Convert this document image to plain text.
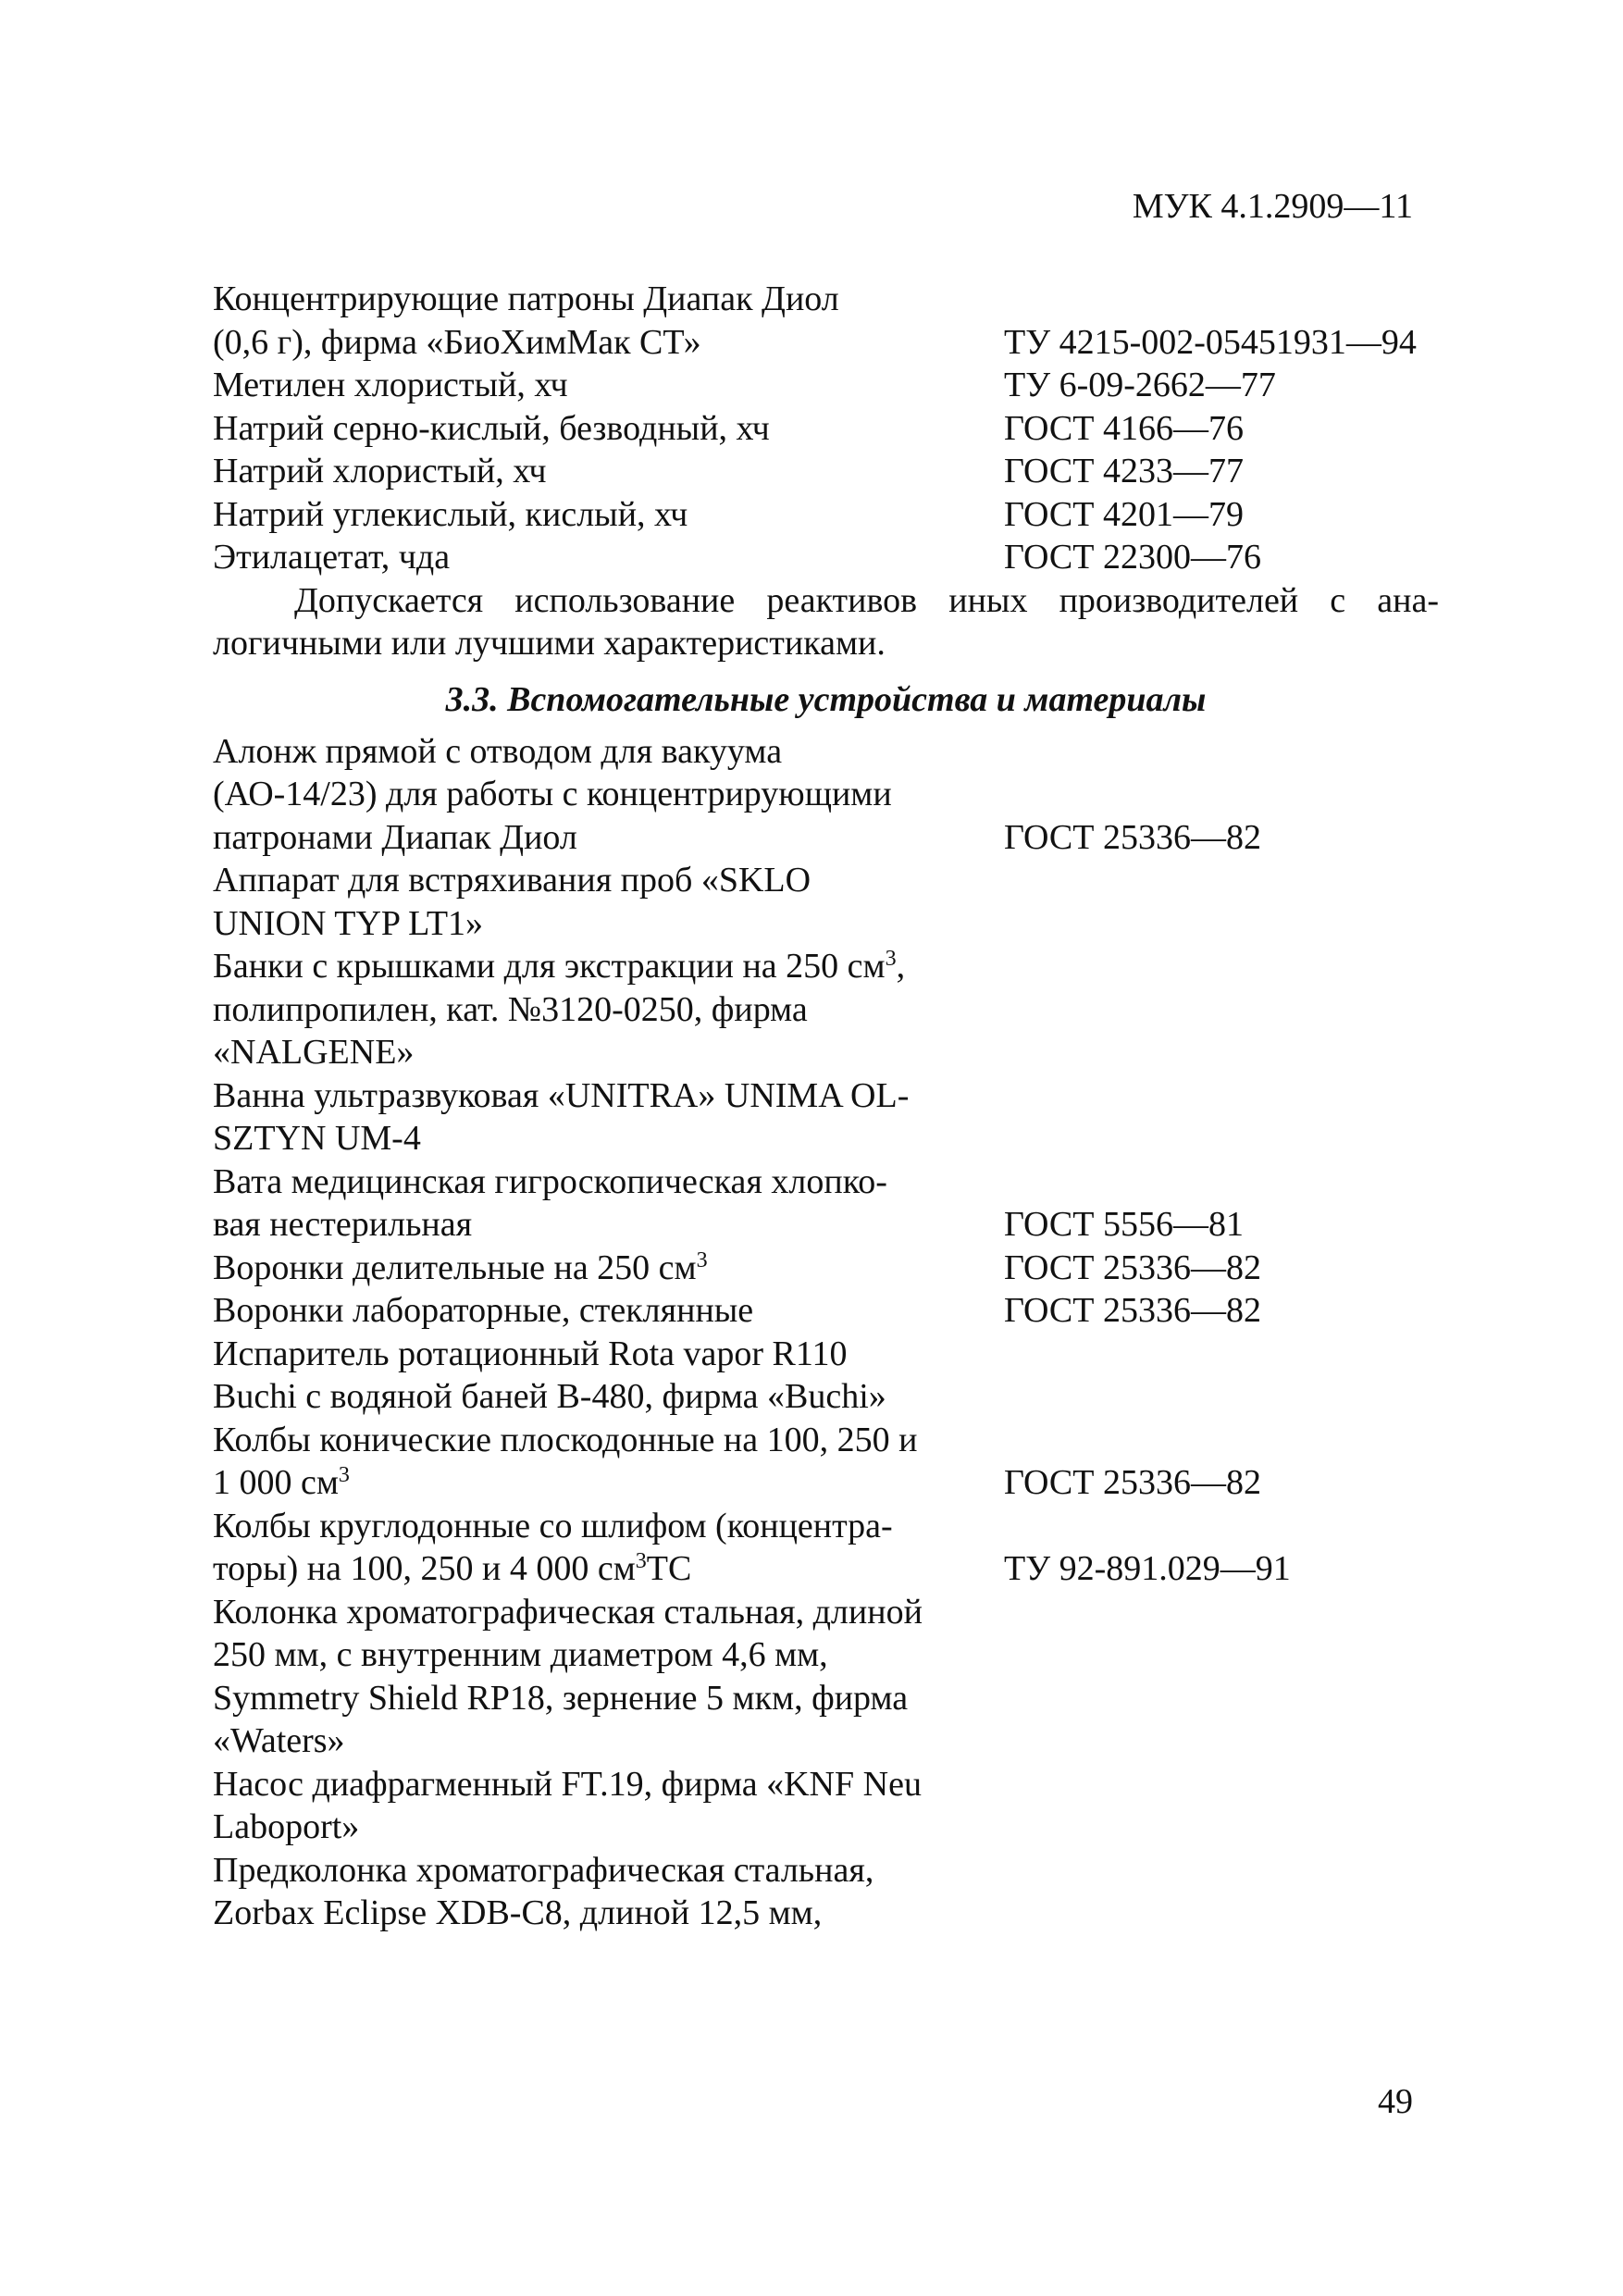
МУК 4.1.2909—11
Концентрирующие патроны Диапак Диол
(0,6 г), фирма «БиоХимМак СТ»	ТУ 4215-002-05451931—94
Метилен хлористый, хч	ТУ 6-09-2662—77
Натрий серно-кислый, безводный, хч	ГОСТ 4166—76
Натрий хлористый, хч	ГОСТ 4233—77
Натрий углекислый, кислый, хч	ГОСТ 4201—79
Этилацетат, чда	ГОСТ 22300—76
Допускается использование реактивов иных производителей с ана-
логичными или лучшими характеристиками.
3.3. Вспомогательные устройства и материалы
Алонж прямой с отводом для вакуума
(АО-14/23) для работы с концентрирующими
патронами Диапак Диол	ГОСТ 25336—82
Аппарат для встряхивания проб «SKLO
UNION TYP LT1»
Банки с крышками для экстракции на 250 $см^3$,
полипропилен, кат. №3120-0250, фирма
«NALGENE»
Ванна ультразвуковая «UNITRA» UNIMA OL-
SZTYN UM-4
Вата медицинская гигроскопическая хлопко-
вая нестерильная	ГОСТ 5556—81
Воронки делительные на 250 $см^3$	ГОСТ 25336—82
Воронки лабораторные, стеклянные	ГОСТ 25336—82
Испаритель ротационный Rota vapor R110
Buchi с водяной баней B-480, фирма «Buchi»
Колбы конические плоскодонные на 100, 250 и
1 000 $см^3$	ГОСТ 25336—82
Колбы круглодонные со шлифом (концентра-
торы) на 100, 250 и 4 000 $см^3ТС$	ТУ 92-891.029—91
Колонка хроматографическая стальная, длиной
250 мм, с внутренним диаметром 4,6 мм,
Symmetry Shield RP18, зернение 5 мкм, фирма
«Waters»
Насос диафрагменный FT.19, фирма «KNF Neu
Laboport»
Предколонка хроматографическая стальная,
Zorbax Eclipse XDB-C8, длиной 12,5 мм,
49
